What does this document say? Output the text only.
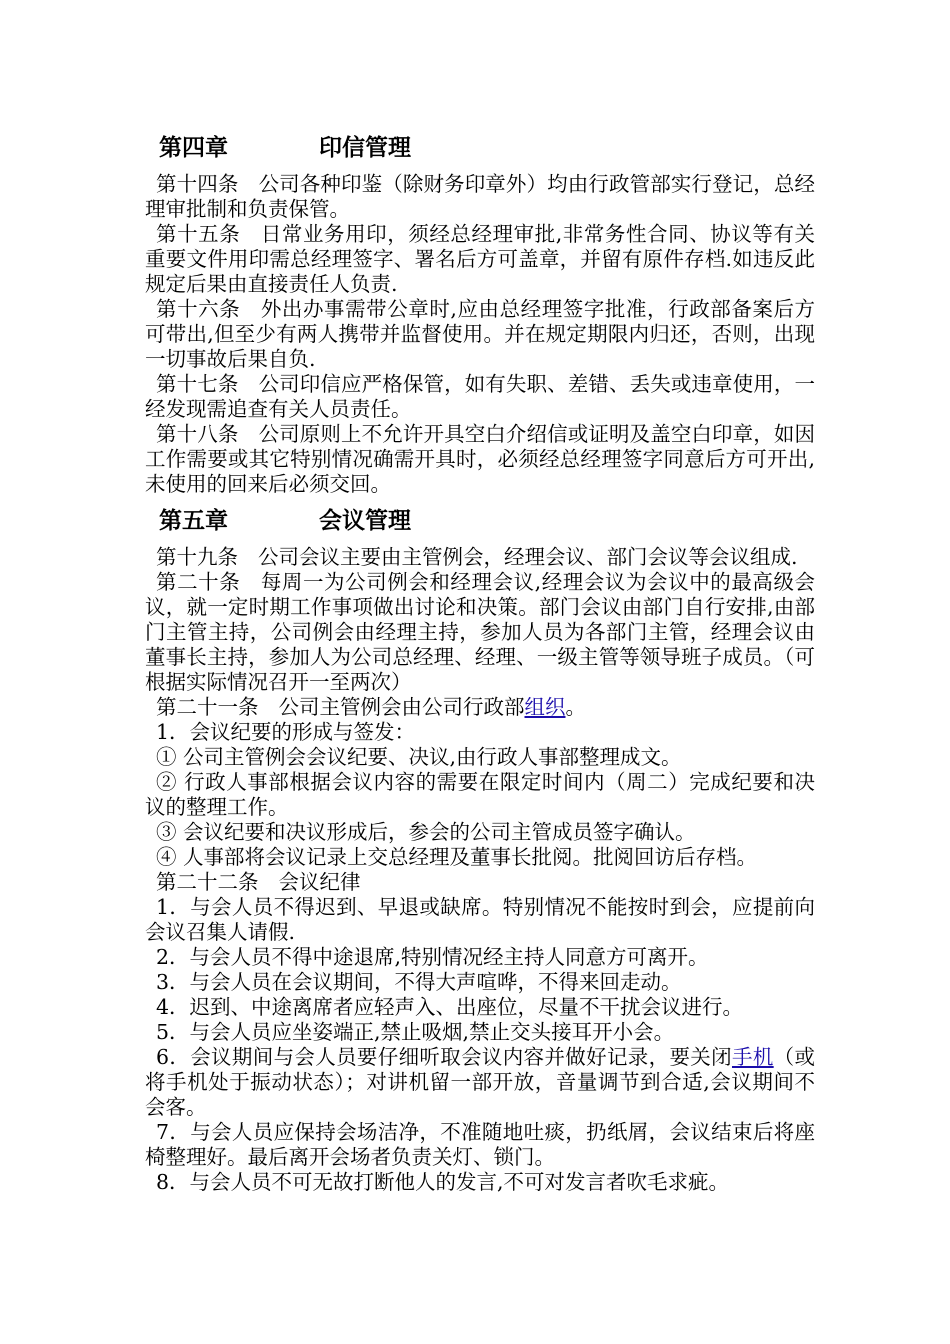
第四章	印信管理

第十四条 公司各种印鉴（除财务印章外）均由行政管部实行登记，总经理审批制和负责保管。

第十五条 日常业务用印，须经总经理审批,非常务性合同、协议等有关重要文件用印需总经理签字、署名后方可盖章，并留有原件存档.如违反此规定后果由直接责任人负责.

第十六条 外出办事需带公章时,应由总经理签字批准，行政部备案后方可带出,但至少有两人携带并监督使用。并在规定期限内归还，否则，出现一切事故后果自负.

第十七条 公司印信应严格保管，如有失职、差错、丢失或违章使用，一经发现需追查有关人员责任。

第十八条 公司原则上不允许开具空白介绍信或证明及盖空白印章，如因工作需要或其它特别情况确需开具时，必须经总经理签字同意后方可开出,未使用的回来后必须交回。

第五章	会议管理

第十九条 公司会议主要由主管例会，经理会议、部门会议等会议组成.

第二十条 每周一为公司例会和经理会议,经理会议为会议中的最高级会议，就一定时期工作事项做出讨论和决策。部门会议由部门自行安排,由部门主管主持，公司例会由经理主持，参加人员为各部门主管，经理会议由董事长主持，参加人为公司总经理、经理、一级主管等领导班子成员。（可根据实际情况召开一至两次）

第二十一条 公司主管例会由公司行政部组织。

1．会议纪要的形成与签发：

① 公司主管例会会议纪要、决议,由行政人事部整理成文。

② 行政人事部根据会议内容的需要在限定时间内（周二）完成纪要和决议的整理工作。

③ 会议纪要和决议形成后，参会的公司主管成员签字确认。

④ 人事部将会议记录上交总经理及董事长批阅。批阅回访后存档。

第二十二条 会议纪律

1．与会人员不得迟到、早退或缺席。特别情况不能按时到会，应提前向会议召集人请假.

2．与会人员不得中途退席,特别情况经主持人同意方可离开。

3．与会人员在会议期间，不得大声喧哗，不得来回走动。

4．迟到、中途离席者应轻声入、出座位，尽量不干扰会议进行。

5．与会人员应坐姿端正,禁止吸烟,禁止交头接耳开小会。

6．会议期间与会人员要仔细听取会议内容并做好记录，要关闭手机（或将手机处于振动状态）；对讲机留一部开放，音量调节到合适,会议期间不会客。

7．与会人员应保持会场洁净，不准随地吐痰，扔纸屑，会议结束后将座椅整理好。最后离开会场者负责关灯、锁门。

8．与会人员不可无故打断他人的发言,不可对发言者吹毛求疵。
